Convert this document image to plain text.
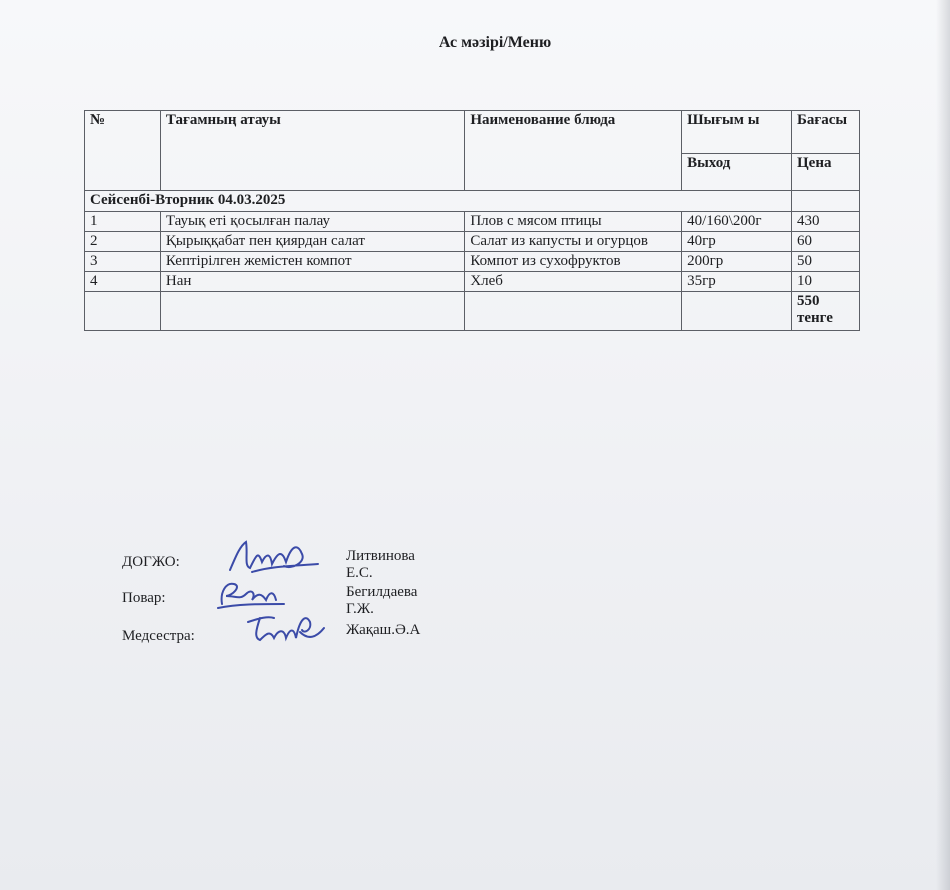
Ас мәзірі/Меню
№	Тағамның атауы	Наименование блюда	Шығым ы	Бағасы
			Выход	Цена
Сейсенбі-Вторник 04.03.2025				
1	Тауық еті қосылған палау	Плов с мясом птицы	40/160\200г	430
2	Қырыққабат пен қиярдан салат	Салат из капусты и огурцов	40гр	60
3	Кептірілген жемістен компот	Компот из сухофруктов	200гр	50
4	Нан	Хлеб	35гр	10
				550 тенге
ДОГЖО:	Литвинова Е.С.
Повар:	Бегилдаева Г.Ж.
Медсестра:	Жақаш.Ә.А
